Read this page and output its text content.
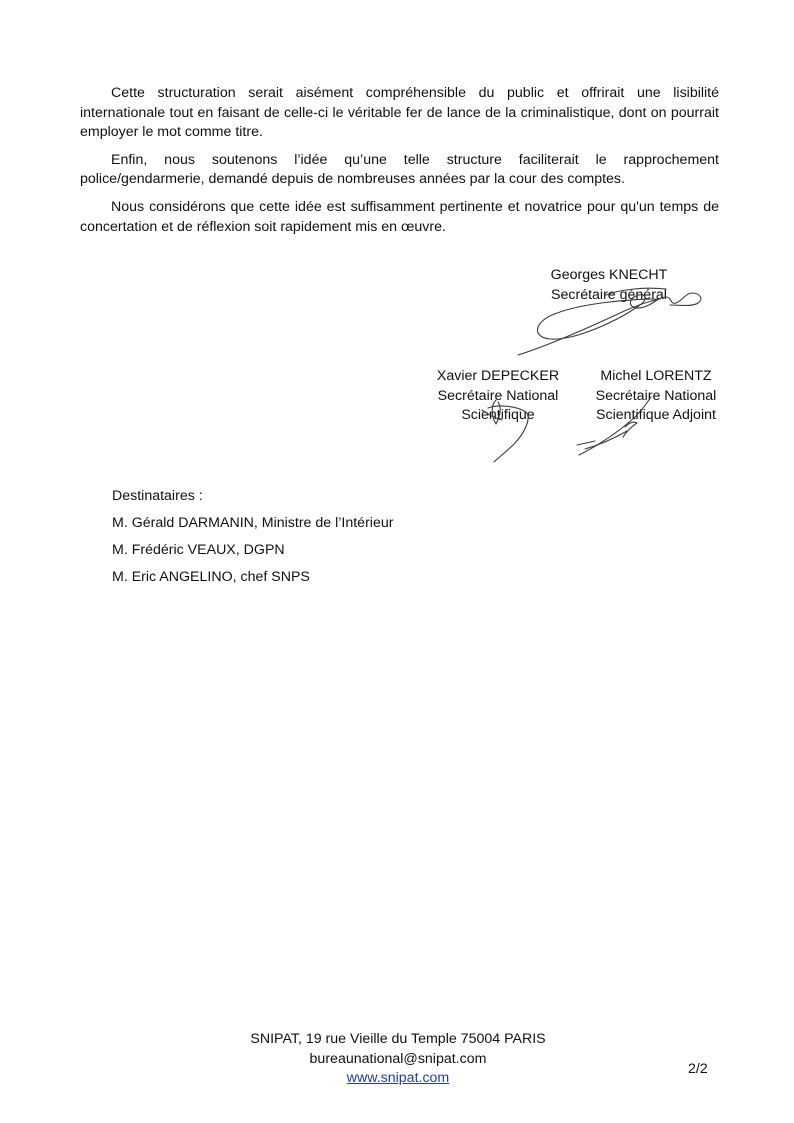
Cette structuration serait aisément compréhensible du public et offrirait une lisibilité internationale tout en faisant de celle-ci le véritable fer de lance de la criminalistique, dont on pourrait employer le mot comme titre.

Enfin, nous soutenons l’idée qu’une telle structure faciliterait le rapprochement police/gendarmerie, demandé depuis de nombreuses années par la cour des comptes.

Nous considérons que cette idée est suffisamment pertinente et novatrice pour qu'un temps de concertation et de réflexion soit rapidement mis en œuvre.

Georges KNECHT
Secrétaire général
Xavier DEPECKER
Secrétaire National
Scientifique
Michel LORENTZ
Secrétaire National
Scientifique Adjoint
Destinataires :
M. Gérald DARMANIN, Ministre de l’Intérieur
M. Frédéric VEAUX, DGPN
M. Eric ANGELINO, chef SNPS
SNIPAT, 19 rue Vieille du Temple 75004 PARIS
bureaunational@snipat.com
www.snipat.com
2/2
